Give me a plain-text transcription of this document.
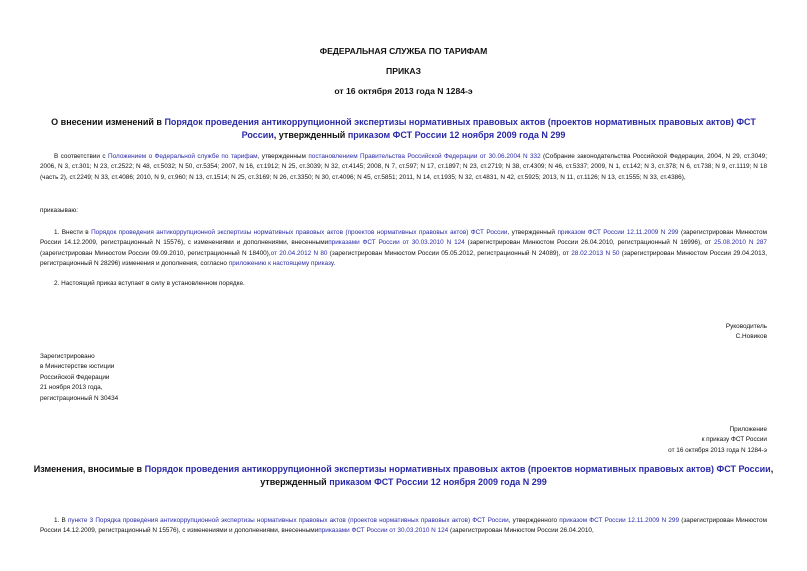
ФЕДЕРАЛЬНАЯ СЛУЖБА ПО ТАРИФАМ
ПРИКАЗ
от 16 октября 2013 года N 1284-э
О внесении изменений в Порядок проведения антикоррупционной экспертизы нормативных правовых актов (проектов нормативных правовых актов) ФСТ России, утвержденный приказом ФСТ России 12 ноября 2009 года N 299
В соответствии с Положением о Федеральной службе по тарифам, утвержденным постановлением Правительства Российской Федерации от 30.06.2004 N 332 (Собрание законодательства Российской Федерации, 2004, N 29, ст.3049; 2006, N 3, ст.301; N 23, ст.2522; N 48, ст.5032; N 50, ст.5354; 2007, N 16, ст.1912; N 25, ст.3039; N 32, ст.4145; 2008, N 7, ст.597; N 17, ст.1897; N 23, ст.2719; N 38, ст.4309; N 46, ст.5337; 2009, N 1, ст.142; N 3, ст.378; N 6, ст.738; N 9, ст.1119; N 18 (часть 2), ст.2249; N 33, ст.4086; 2010, N 9, ст.960; N 13, ст.1514; N 25, ст.3169; N 26, ст.3350; N 30, ст.4096; N 45, ст.5851; 2011, N 14, ст.1935; N 32, ст.4831, N 42, ст.5925; 2013, N 11, ст.1126; N 13, ст.1555; N 33, ст.4386),
приказываю:
1. Внести в Порядок проведения антикоррупционной экспертизы нормативных правовых актов (проектов нормативных правовых актов) ФСТ России, утвержденный приказом ФСТ России 12.11.2009 N 299 (зарегистрирован Минюстом России 14.12.2009, регистрационный N 15576), с изменениями и дополнениями, внесеннымиприказами ФСТ России от 30.03.2010 N 124 (зарегистрирован Минюстом России 26.04.2010, регистрационный N 16996), от 25.08.2010 N 287 (зарегистрирован Минюстом России 09.09.2010, регистрационный N 18400),от 20.04.2012 N 80 (зарегистрирован Минюстом России 05.05.2012, регистрационный N 24089), от 28.02.2013 N 50 (зарегистрирован Минюстом России 29.04.2013, регистрационный N 28296) изменения и дополнения, согласно приложению к настоящему приказу.
2. Настоящий приказ вступает в силу в установленном порядке.
Руководитель
С.Новиков
Зарегистрировано
в Министерстве юстиции
Российской Федерации
21 ноября 2013 года,
регистрационный N 30434
Приложение
к приказу ФСТ России
от 16 октября 2013 года N 1284-э
Изменения, вносимые в Порядок проведения антикоррупционной экспертизы нормативных правовых актов (проектов нормативных правовых актов) ФСТ России, утвержденный приказом ФСТ России 12 ноября 2009 года N 299
1. В пункте 3 Порядка проведения антикоррупционной экспертизы нормативных правовых актов (проектов нормативных правовых актов) ФСТ России, утвержденного приказом ФСТ России 12.11.2009 N 299 (зарегистрирован Минюстом России 14.12.2009, регистрационный N 15576), с изменениями и дополнениями, внесеннымиприказами ФСТ России от 30.03.2010 N 124 (зарегистрирован Минюстом России 26.04.2010,
